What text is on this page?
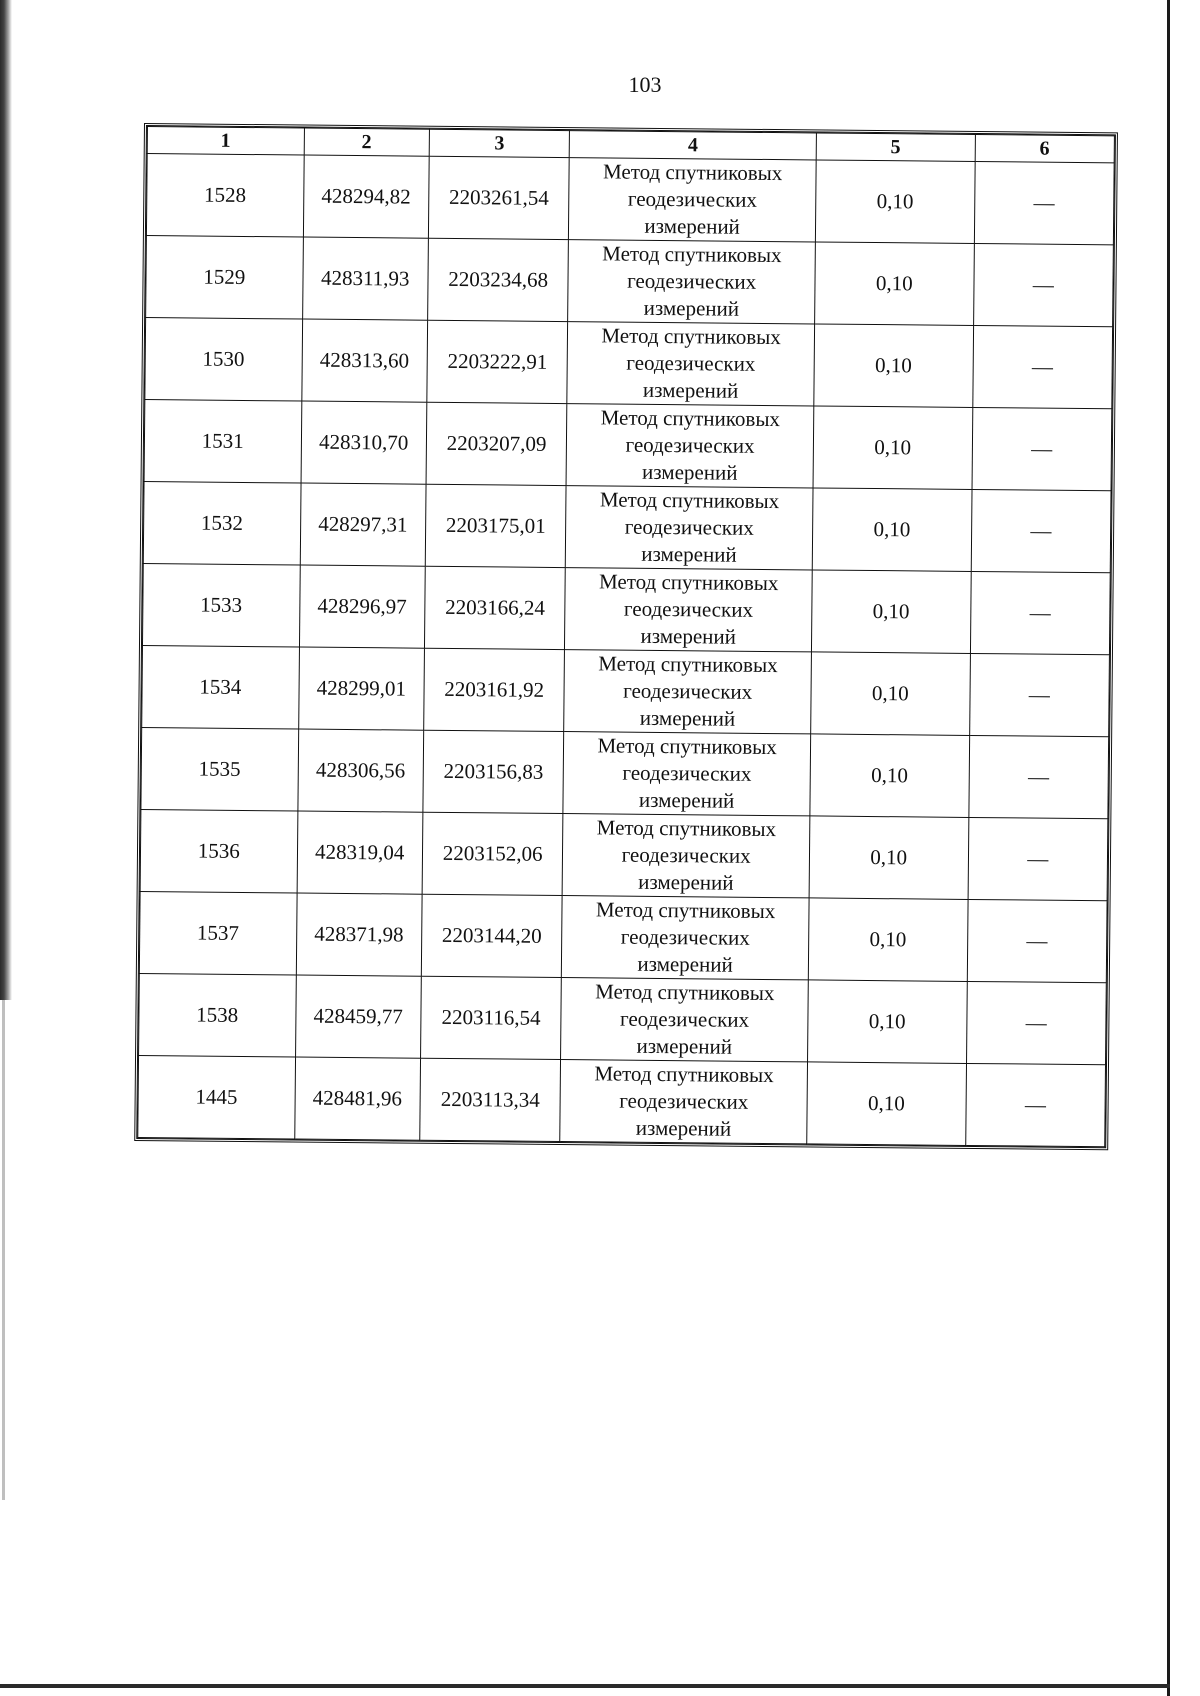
103
1	2	3	4	5	6
1528	428294,82	2203261,54	Метод спутниковых
геодезических
измерений	0,10	—
1529	428311,93	2203234,68	Метод спутниковых
геодезических
измерений	0,10	—
1530	428313,60	2203222,91	Метод спутниковых
геодезических
измерений	0,10	—
1531	428310,70	2203207,09	Метод спутниковых
геодезических
измерений	0,10	—
1532	428297,31	2203175,01	Метод спутниковых
геодезических
измерений	0,10	—
1533	428296,97	2203166,24	Метод спутниковых
геодезических
измерений	0,10	—
1534	428299,01	2203161,92	Метод спутниковых
геодезических
измерений	0,10	—
1535	428306,56	2203156,83	Метод спутниковых
геодезических
измерений	0,10	—
1536	428319,04	2203152,06	Метод спутниковых
геодезических
измерений	0,10	—
1537	428371,98	2203144,20	Метод спутниковых
геодезических
измерений	0,10	—
1538	428459,77	2203116,54	Метод спутниковых
геодезических
измерений	0,10	—
1445	428481,96	2203113,34	Метод спутниковых
геодезических
измерений	0,10	—
